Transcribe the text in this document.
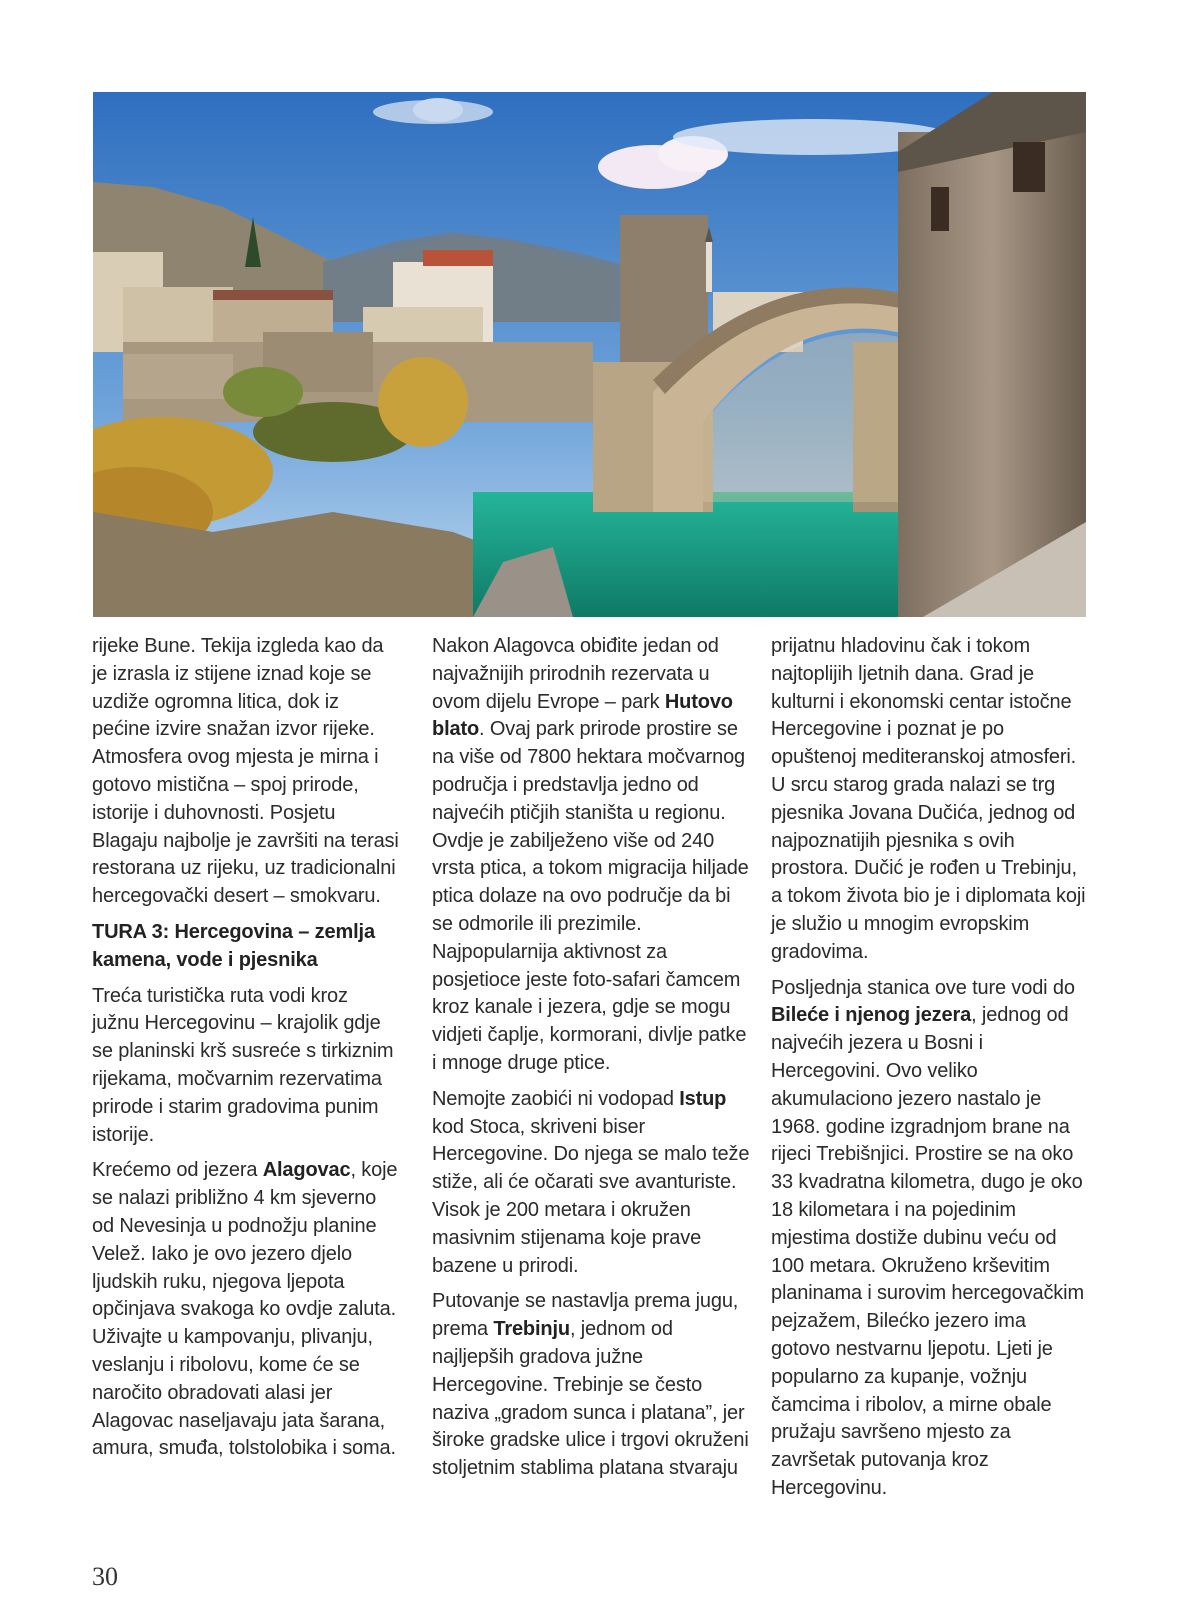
rijeke Bune. Tekija izgleda kao da je izrasla iz stijene iznad koje se uzdiže ogromna litica, dok iz pećine izvire snažan izvor rijeke. Atmosfera ovog mjesta je mirna i gotovo mistična – spoj prirode, istorije i duhovnosti. Posjetu Blagaju najbolje je završiti na terasi restorana uz rijeku, uz tradicionalni hercegovački desert – smokvaru.

TURA 3: Hercegovina – zemlja kamena, vode i pjesnika

Treća turistička ruta vodi kroz južnu Hercegovinu – krajolik gdje se planinski krš susreće s tirkiznim rijekama, močvarnim rezervatima prirode i starim gradovima punim istorije.

Krećemo od jezera Alagovac, koje se nalazi približno 4 km sjeverno od Nevesinja u podnožju planine Velež. Iako je ovo jezero djelo ljudskih ruku, njegova ljepota opčinjava svakoga ko ovdje zaluta. Uživajte u kampovanju, plivanju, veslanju i ribolovu, kome će se naročito obradovati alasi jer Alagovac naseljavaju jata šarana, amura, smuđa, tolstolobika i soma.

Nakon Alagovca obiđite jedan od najvažnijih prirodnih rezervata u ovom dijelu Evrope – park Hutovo blato. Ovaj park prirode prostire se na više od 7800 hektara močvarnog područja i predstavlja jedno od najvećih ptičjih staništa u regionu. Ovdje je zabilježeno više od 240 vrsta ptica, a tokom migracija hiljade ptica dolaze na ovo područje da bi se odmorile ili prezimile. Najpopularnija aktivnost za posjetioce jeste foto-safari čamcem kroz kanale i jezera, gdje se mogu vidjeti čaplje, kormorani, divlje patke i mnoge druge ptice.

Nemojte zaobići ni vodopad Istup kod Stoca, skriveni biser Hercegovine. Do njega se malo teže stiže, ali će očarati sve avanturiste. Visok je 200 metara i okružen masivnim stijenama koje prave bazene u prirodi.

Putovanje se nastavlja prema jugu, prema Trebinju, jednom od najljepših gradova južne Hercegovine. Trebinje se često naziva „gradom sunca i platana”, jer široke gradske ulice i trgovi okruženi stoljetnim stablima platana stvaraju

prijatnu hladovinu čak i tokom najtoplijih ljetnih dana. Grad je kulturni i ekonomski centar istočne Hercegovine i poznat je po opuštenoj mediteranskoj atmosferi. U srcu starog grada nalazi se trg pjesnika Jovana Dučića, jednog od najpoznatijih pjesnika s ovih prostora. Dučić je rođen u Trebinju, a tokom života bio je i diplomata koji je služio u mnogim evropskim gradovima.

Posljednja stanica ove ture vodi do Bileće i njenog jezera, jednog od najvećih jezera u Bosni i Hercegovini. Ovo veliko akumulaciono jezero nastalo je 1968. godine izgradnjom brane na rijeci Trebišnjici. Prostire se na oko 33 kvadratna kilometra, dugo je oko 18 kilometara i na pojedinim mjestima dostiže dubinu veću od 100 metara. Okruženo krševitim planinama i surovim hercegovačkim pejzažem, Bilećko jezero ima gotovo nestvarnu ljepotu. Ljeti je popularno za kupanje, vožnju čamcima i ribolov, a mirne obale pružaju savršeno mjesto za završetak putovanja kroz Hercegovinu.

30
